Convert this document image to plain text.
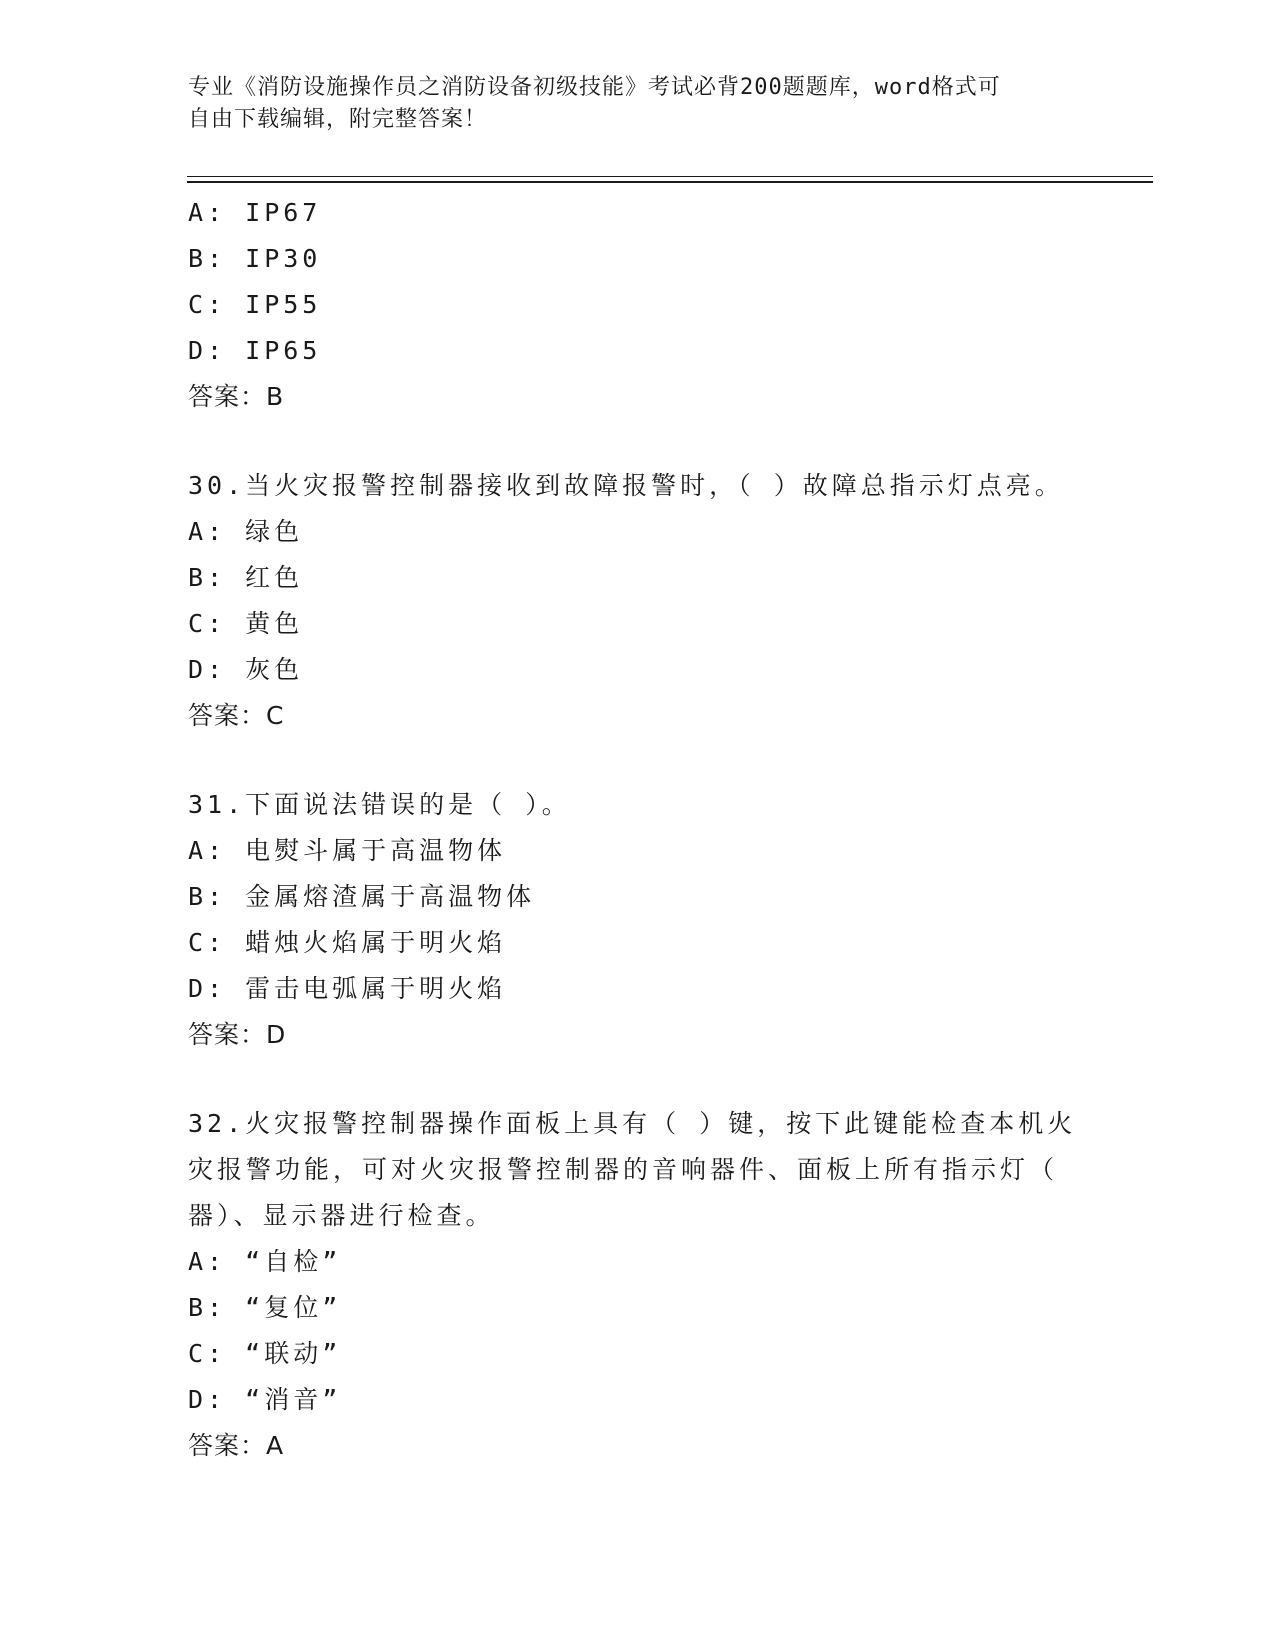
专业《消防设施操作员之消防设备初级技能》考试必背200题题库，word格式可
自由下载编辑，附完整答案！
A: IP67
B: IP30
C: IP55
D: IP65
答案：B
30.当火灾报警控制器接收到故障报警时，（ ）故障总指示灯点亮。
A: 绿色
B: 红色
C: 黄色
D: 灰色
答案：C
31.下面说法错误的是（ ）。
A: 电熨斗属于高温物体
B: 金属熔渣属于高温物体
C: 蜡烛火焰属于明火焰
D: 雷击电弧属于明火焰
答案：D
32.火灾报警控制器操作面板上具有（ ）键，按下此键能检查本机火
灾报警功能，可对火灾报警控制器的音响器件、面板上所有指示灯（
器）、显示器进行检查。
A: “自检”
B: “复位”
C: “联动”
D: “消音”
答案：A
